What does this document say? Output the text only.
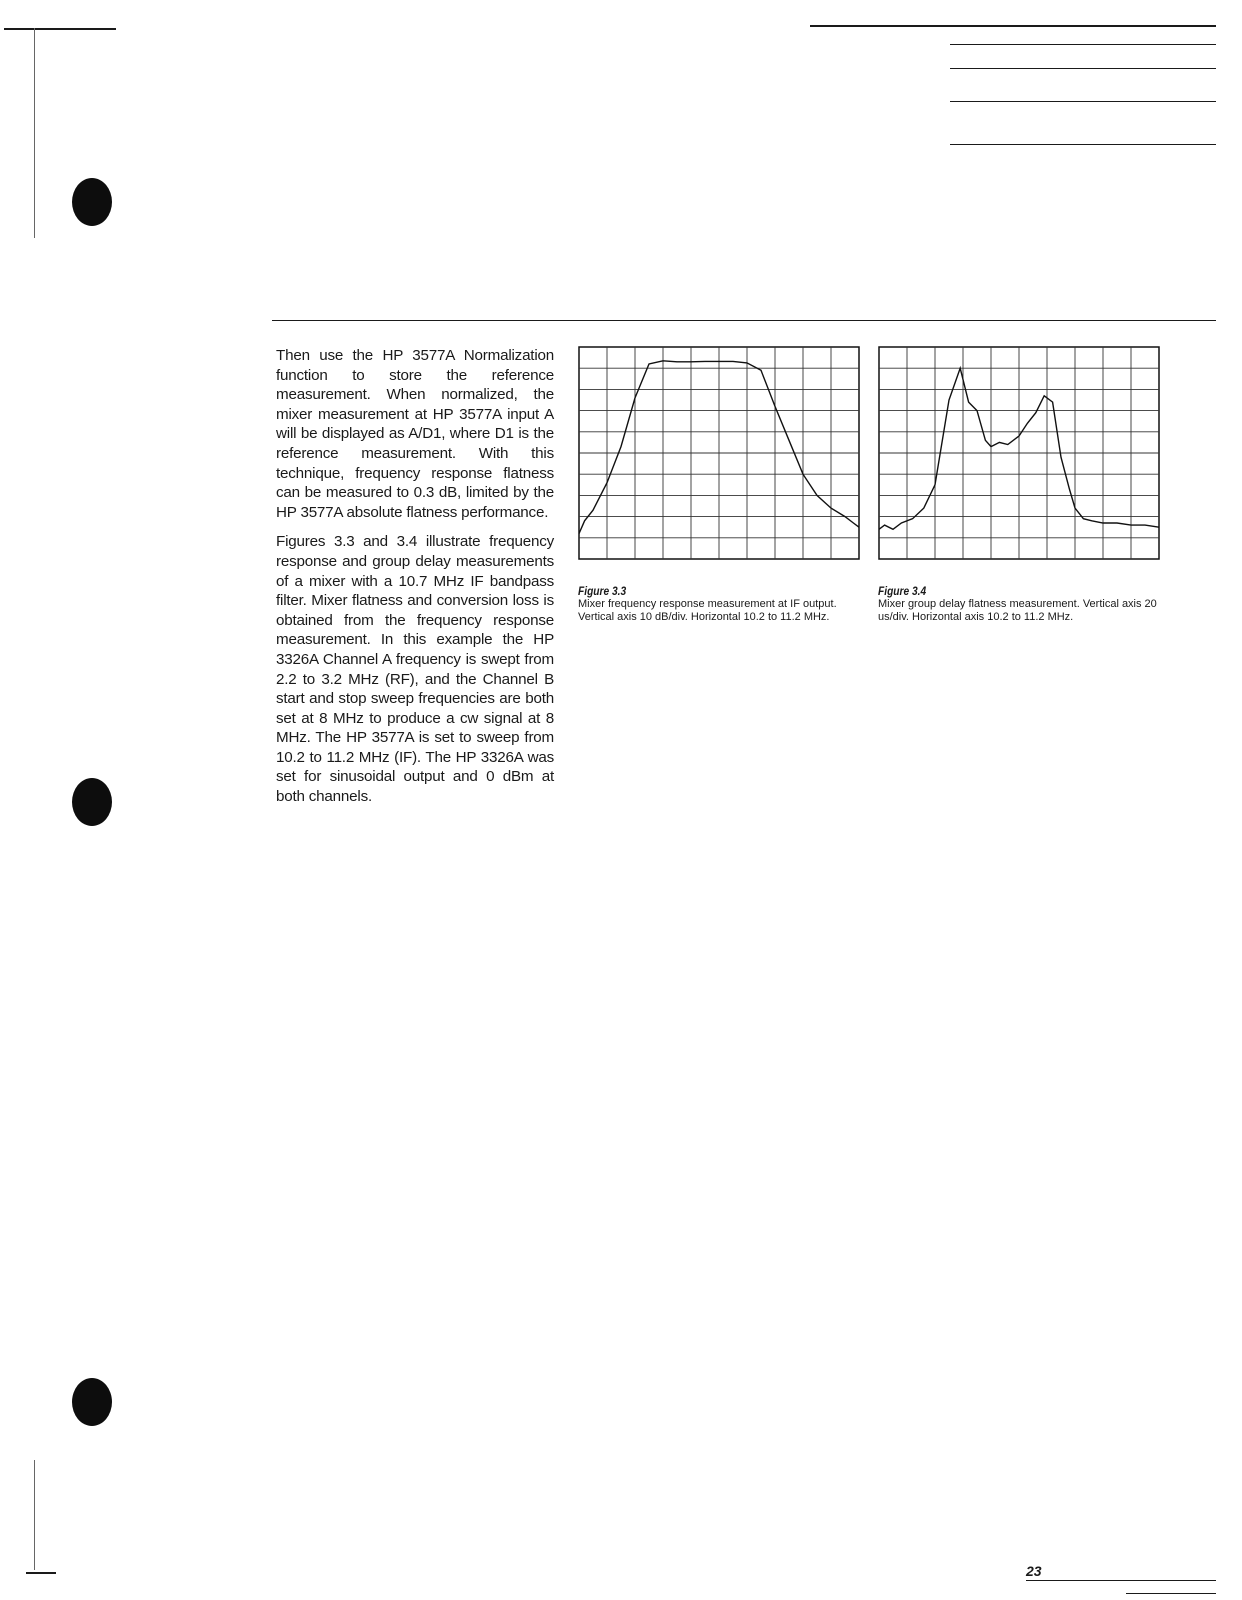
Then use the HP 3577A Normalization function to store the reference measurement. When normalized, the mixer measurement at HP 3577A input A will be displayed as A/D1, where D1 is the reference measurement. With this technique, frequency response flatness can be measured to 0.3 dB, limited by the HP 3577A absolute flatness performance.

Figures 3.3 and 3.4 illustrate frequency response and group delay measurements of a mixer with a 10.7 MHz IF bandpass filter. Mixer flatness and conversion loss is obtained from the frequency response measurement. In this example the HP 3326A Channel A frequency is swept from 2.2 to 3.2 MHz (RF), and the Channel B start and stop sweep frequencies are both set at 8 MHz to produce a cw signal at 8 MHz. The HP 3577A is set to sweep from 10.2 to 11.2 MHz (IF). The HP 3326A was set for sinusoidal output and 0 dBm at both channels.

Figure 3.3

Mixer frequency response measurement at IF output. Vertical axis 10 dB/div. Horizontal 10.2 to 11.2 MHz.

Figure 3.4

Mixer group delay flatness measurement. Vertical axis 20 us/div. Horizontal axis 10.2 to 11.2 MHz.

23
